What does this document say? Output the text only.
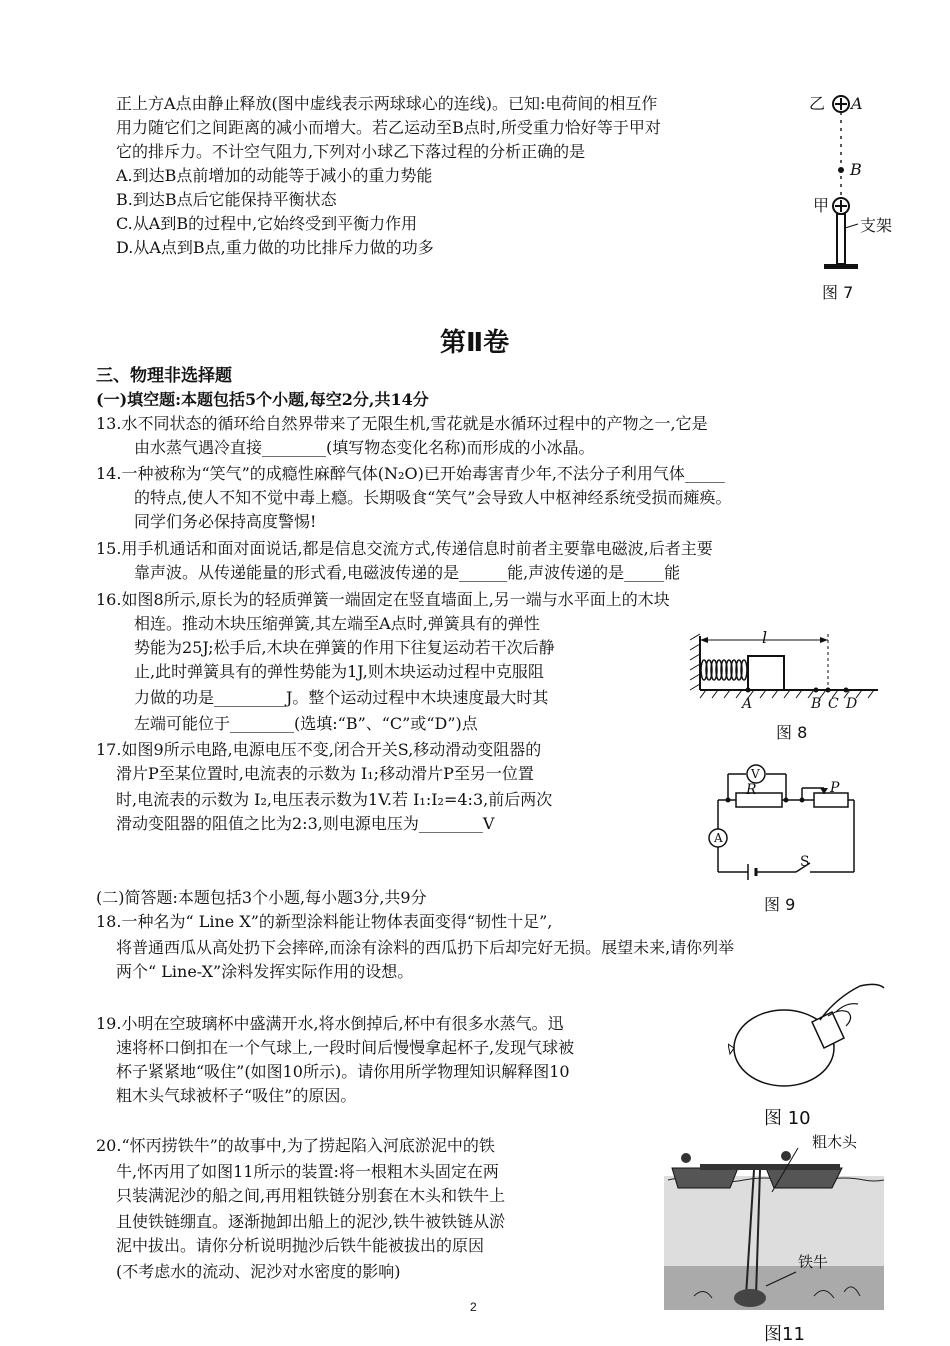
正上方A点由静止释放(图中虚线表示两球球心的连线)。已知:电荷间的相互作
用力随它们之间距离的减小而增大。若乙运动至B点时,所受重力恰好等于甲对
它的排斥力。不计空气阻力,下列对小球乙下落过程的分析正确的是
A.到达B点前增加的动能等于减小的重力势能
B.到达B点后它能保持平衡状态
C.从A到B的过程中,它始终受到平衡力作用
D.从A点到B点,重力做的功比排斥力做的功多
乙 A
B
甲
支架
图 7
第Ⅱ卷
三、物理非选择题
(一)填空题:本题包括5个小题,每空2分,共14分
13.水不同状态的循环给自然界带来了无限生机,雪花就是水循环过程中的产物之一,它是
由水蒸气遇冷直接________(填写物态变化名称)而形成的小冰晶。
14.一种被称为“笑气”的成瘾性麻醉气体(N₂O)已开始毒害青少年,不法分子利用气体_____
的特点,使人不知不觉中毒上瘾。长期吸食“笑气”会导致人中枢神经系统受损而瘫痪。
同学们务必保持高度警惕!
15.用手机通话和面对面说话,都是信息交流方式,传递信息时前者主要靠电磁波,后者主要
靠声波。从传递能量的形式看,电磁波传递的是______能,声波传递的是_____能
16.如图8所示,原长为的轻质弹簧一端固定在竖直墙面上,另一端与水平面上的木块
相连。推动木块压缩弹簧,其左端至A点时,弹簧具有的弹性
势能为25J;松手后,木块在弹簧的作用下往复运动若干次后静
止,此时弹簧具有的弹性势能为1J,则木块运动过程中克服阻
力做的功是_________J。整个运动过程中木块速度最大时其
左端可能位于________(选填:“B”、“C”或“D”)点
l
A	B C D
图 8
17.如图9所示电路,电源电压不变,闭合开关S,移动滑动变阻器的
滑片P至某位置时,电流表的示数为 I₁;移动滑片P至另一位置
时,电流表的示数为 I₂,电压表示数为1V.若 I₁:I₂=4:3,前后两次
滑动变阻器的阻值之比为2:3,则电源电压为________V
V
R	P
A
S
图 9
(二)简答题:本题包括3个小题,每小题3分,共9分
18.一种名为“ Line X”的新型涂料能让物体表面变得“韧性十足”,
将普通西瓜从高处扔下会摔碎,而涂有涂料的西瓜扔下后却完好无损。展望未来,请你列举
两个“ Line-X”涂料发挥实际作用的设想。
19.小明在空玻璃杯中盛满开水,将水倒掉后,杯中有很多水蒸气。迅
速将杯口倒扣在一个气球上,一段时间后慢慢拿起杯子,发现气球被
杯子紧紧地“吸住”(如图10所示)。请你用所学物理知识解释图10
粗木头气球被杯子“吸住”的原因。
图 10
20.“怀丙捞铁牛”的故事中,为了捞起陷入河底淤泥中的铁
牛,怀丙用了如图11所示的装置:将一根粗木头固定在两
只装满泥沙的船之间,再用粗铁链分别套在木头和铁牛上
且使铁链绷直。逐渐抛卸出船上的泥沙,铁牛被铁链从淤
泥中拔出。请你分析说明抛沙后铁牛能被拔出的原因
(不考虑水的流动、泥沙对水密度的影响)
粗木头
铁牛
图11
2
